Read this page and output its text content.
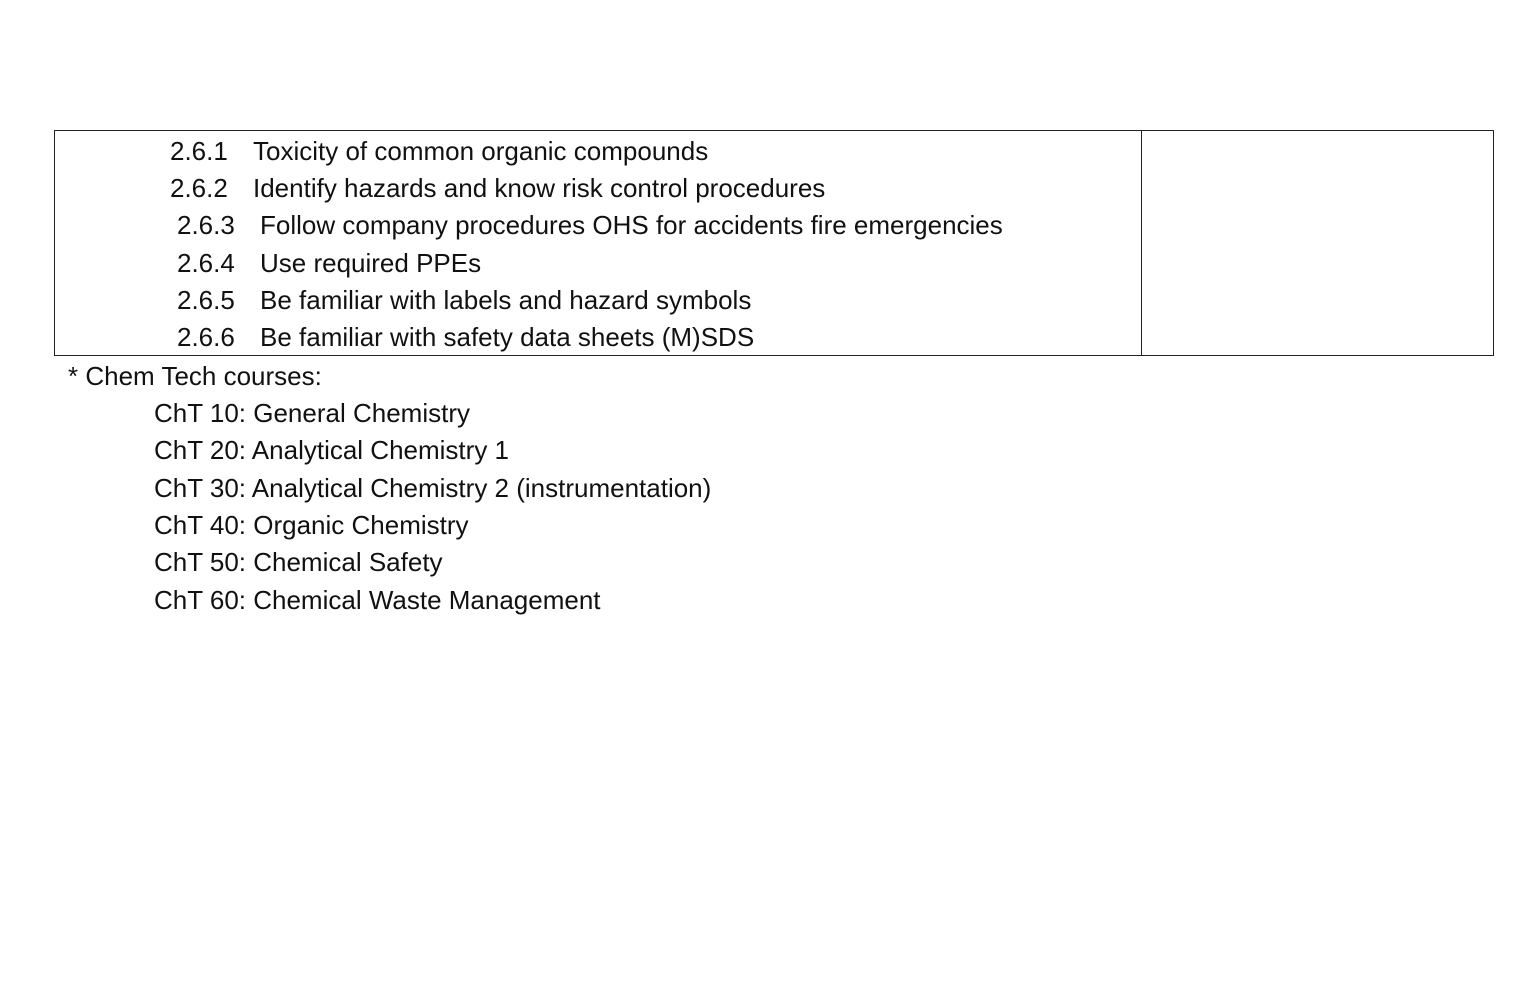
2.6.1 Toxicity of common organic compounds
2.6.2 Identify hazards and know risk control procedures
2.6.3 Follow company procedures OHS for accidents fire emergencies
2.6.4 Use required PPEs
2.6.5 Be familiar with labels and hazard symbols
2.6.6 Be familiar with safety data sheets (M)SDS
* Chem Tech courses:
ChT 10: General Chemistry
ChT 20: Analytical Chemistry 1
ChT 30: Analytical Chemistry 2 (instrumentation)
ChT 40: Organic Chemistry
ChT 50: Chemical Safety
ChT 60: Chemical Waste Management
